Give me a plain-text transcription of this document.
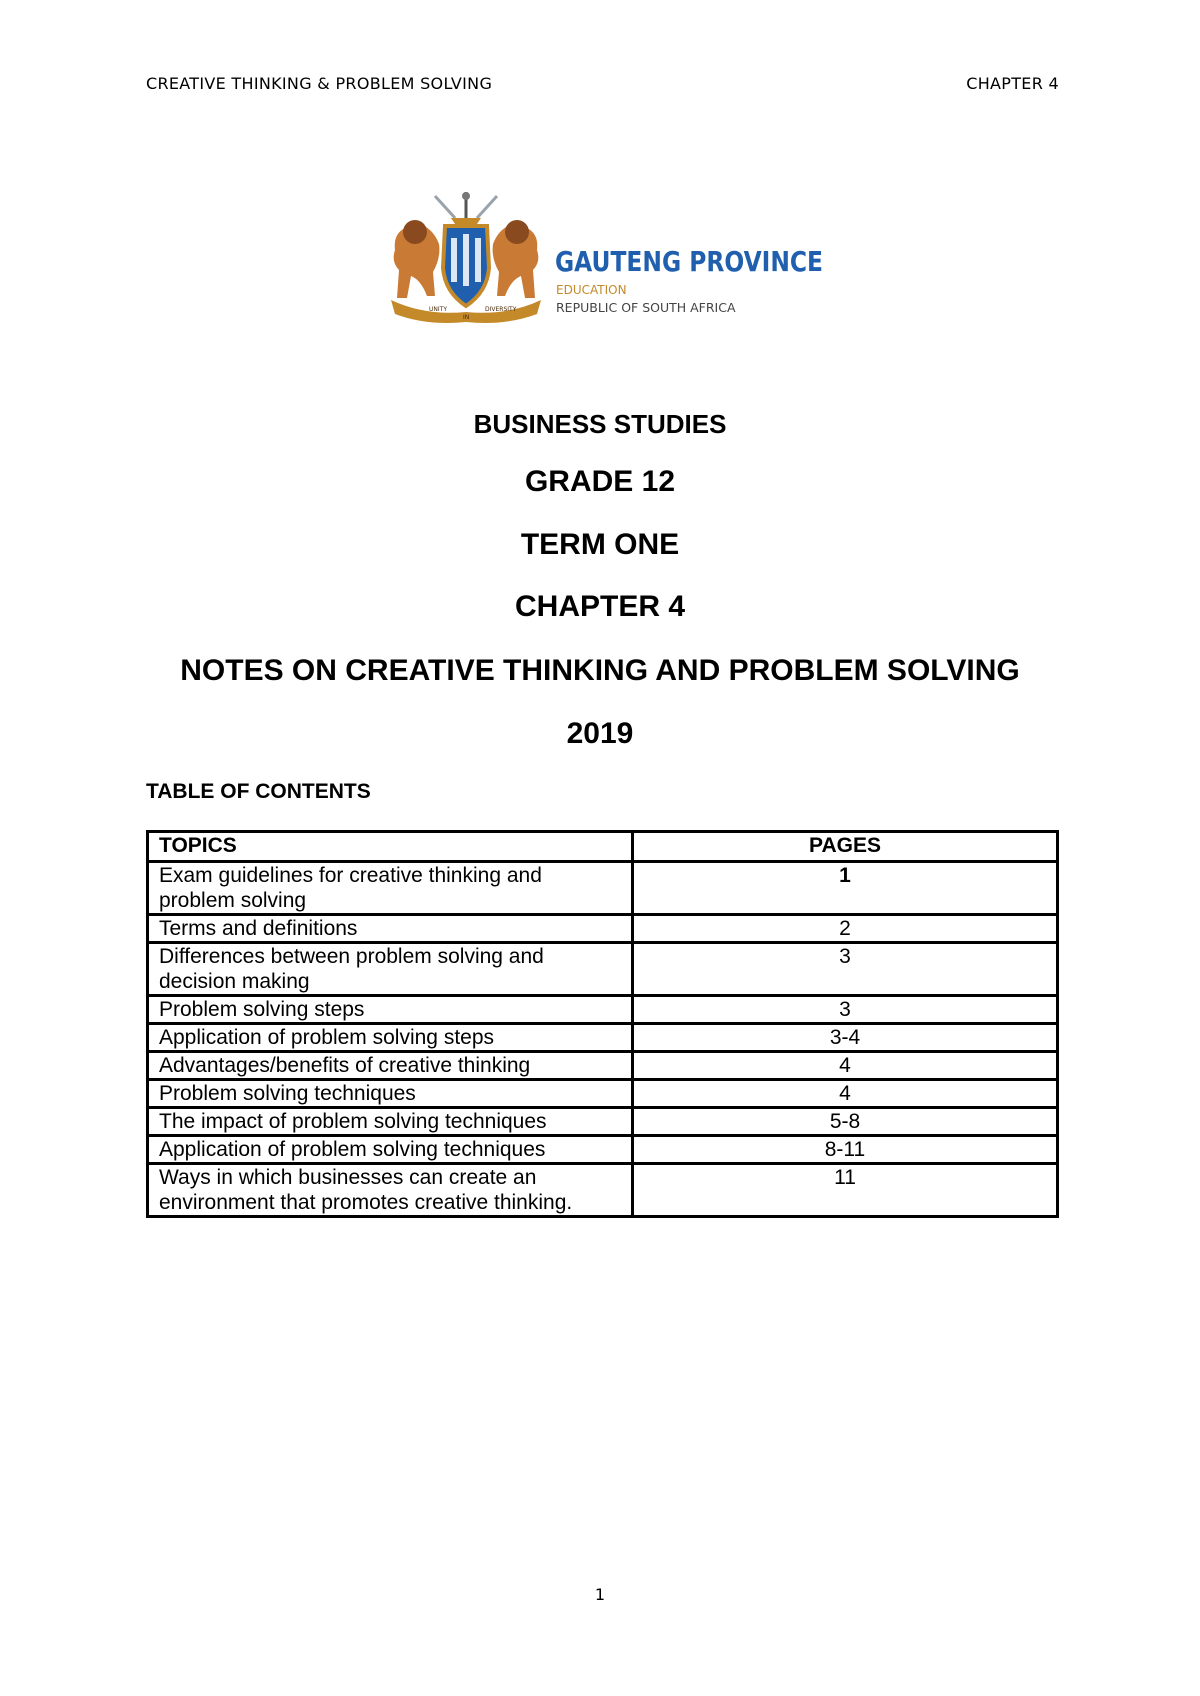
CREATIVE THINKING & PROBLEM SOLVING	CHAPTER 4
UNITY
IN
DIVERSITY
GAUTENG PROVINCE
EDUCATION
REPUBLIC OF SOUTH AFRICA
BUSINESS STUDIES
GRADE 12
TERM ONE
CHAPTER 4
NOTES ON CREATIVE THINKING AND PROBLEM SOLVING
2019
TABLE OF CONTENTS
TOPICS	PAGES
Exam guidelines for creative thinking and problem solving	1
Terms and definitions	2
Differences between problem solving and decision making	3
Problem solving steps	3
Application of problem solving steps	3-4
Advantages/benefits of creative thinking	4
Problem solving techniques	4
The impact of problem solving techniques	5-8
Application of problem solving techniques	8-11
Ways in which businesses can create an environment that promotes creative thinking.	11
1
